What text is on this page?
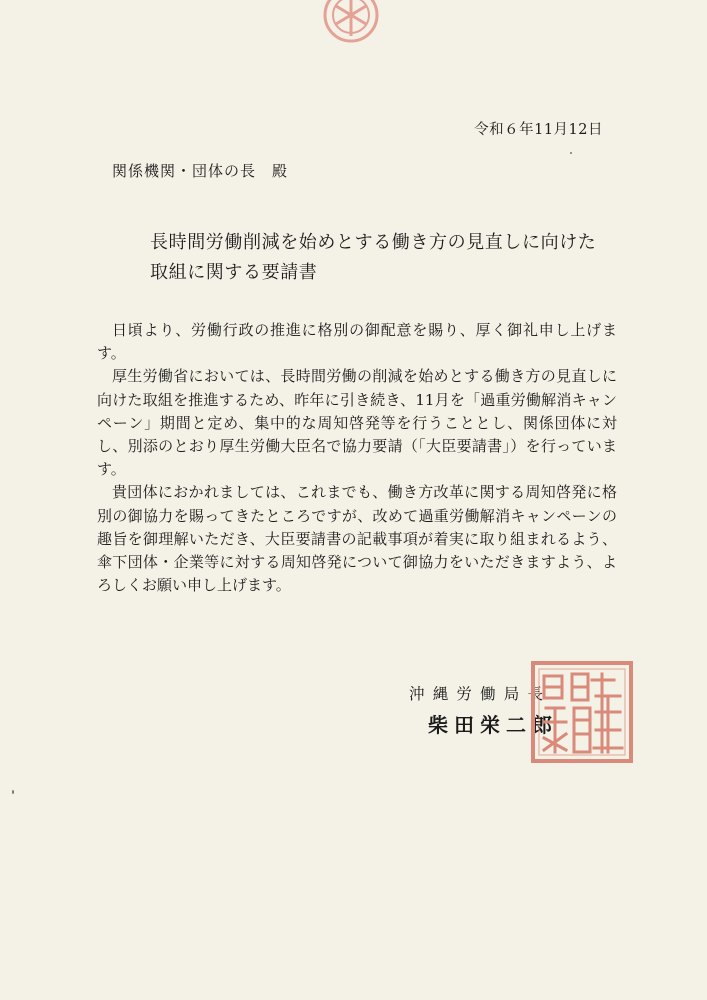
令和６年11月12日
関係機関・団体の長　殿
長時間労働削減を始めとする働き方の見直しに向けた
取組に関する要請書

日頃より、労働行政の推進に格別の御配意を賜り、厚く御礼申し上げます。

厚生労働省においては、長時間労働の削減を始めとする働き方の見直しに向けた取組を推進するため、昨年に引き続き、11月を「過重労働解消キャンペーン」期間と定め、集中的な周知啓発等を行うこととし、関係団体に対し、別添のとおり厚生労働大臣名で協力要請（「大臣要請書」）を行っています。

貴団体におかれましては、これまでも、働き方改革に関する周知啓発に格別の御協力を賜ってきたところですが、改めて過重労働解消キャンペーンの趣旨を御理解いただき、大臣要請書の記載事項が着実に取り組まれるよう、傘下団体・企業等に対する周知啓発について御協力をいただきますよう、よろしくお願い申し上げます。

沖縄労働局長
柴田栄二郎
